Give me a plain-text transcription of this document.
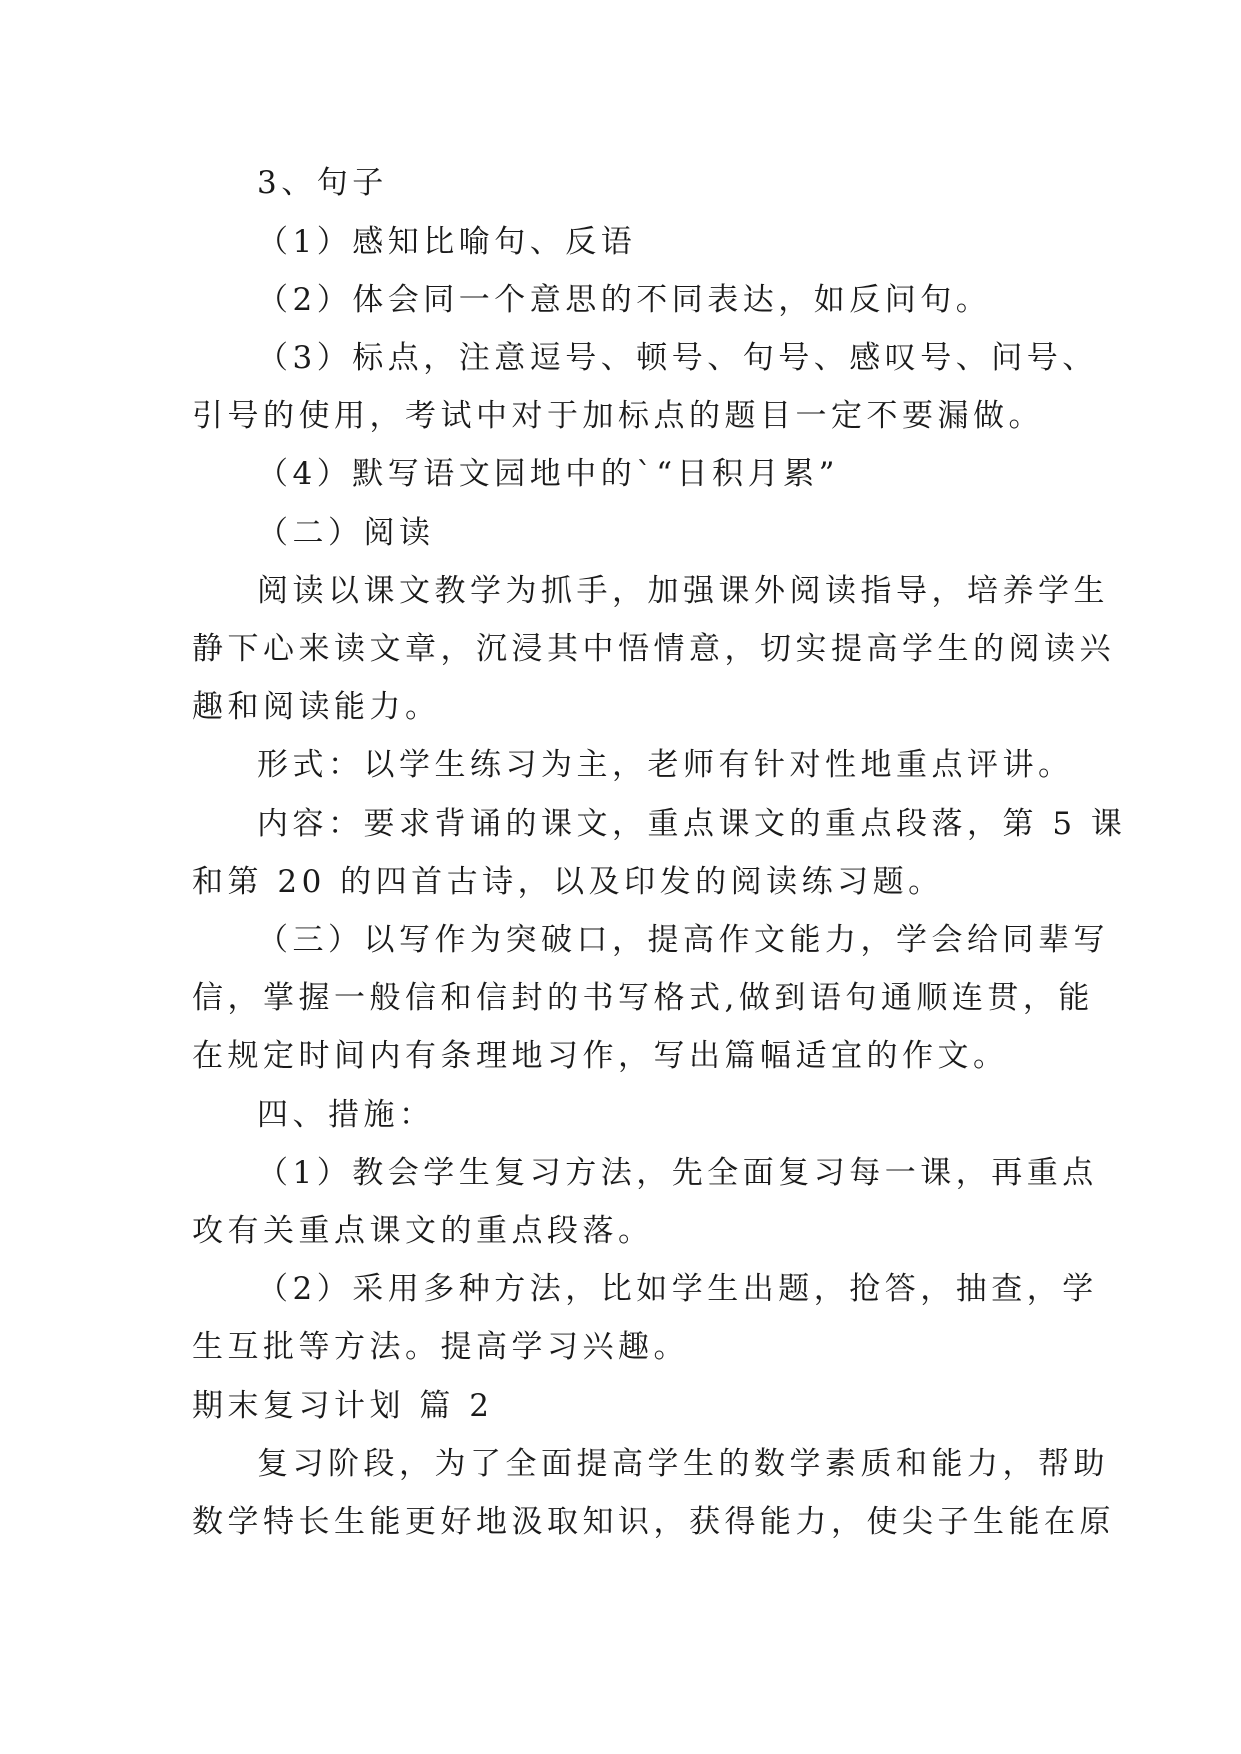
3、句子
（1）感知比喻句、反语
（2）体会同一个意思的不同表达，如反问句。
（3）标点，注意逗号、顿号、句号、感叹号、问号、
引号的使用，考试中对于加标点的题目一定不要漏做。
（4）默写语文园地中的`“日积月累”
（二）阅读
阅读以课文教学为抓手，加强课外阅读指导，培养学生
静下心来读文章，沉浸其中悟情意，切实提高学生的阅读兴
趣和阅读能力。
形式：以学生练习为主，老师有针对性地重点评讲。
内容：要求背诵的课文，重点课文的重点段落，第 5 课
和第 20 的四首古诗，以及印发的阅读练习题。
（三）以写作为突破口，提高作文能力，学会给同辈写
信，掌握一般信和信封的书写格式,做到语句通顺连贯，能
在规定时间内有条理地习作，写出篇幅适宜的作文。
四、措施：
（1）教会学生复习方法，先全面复习每一课，再重点
攻有关重点课文的重点段落。
（2）采用多种方法，比如学生出题，抢答，抽查，学
生互批等方法。提高学习兴趣。
期末复习计划 篇 2
复习阶段，为了全面提高学生的数学素质和能力，帮助
数学特长生能更好地汲取知识，获得能力，使尖子生能在原
